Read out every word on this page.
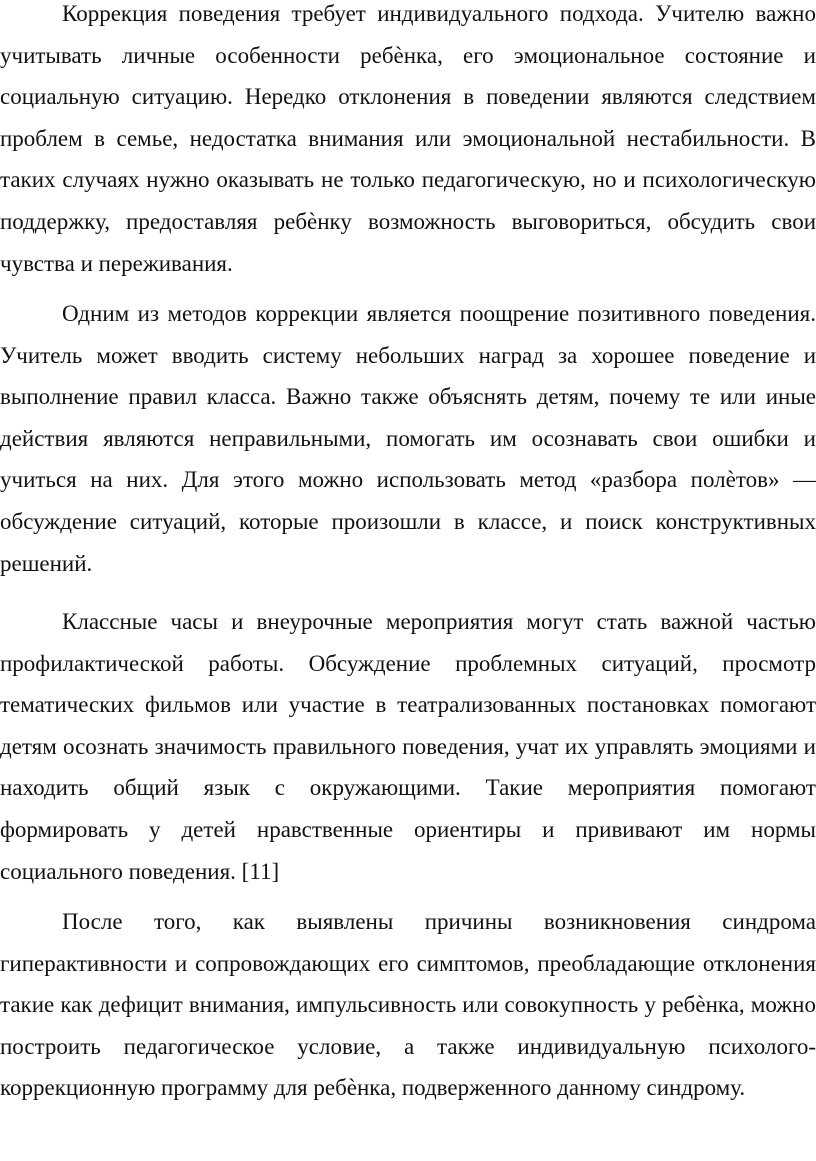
Коррекция поведения требует индивидуального подхода. Учителю важно учитывать личные особенности ребѐнка, его эмоциональное состояние и социальную ситуацию. Нередко отклонения в поведении являются следствием проблем в семье, недостатка внимания или эмоциональной нестабильности. В таких случаях нужно оказывать не только педагогическую, но и психологическую поддержку, предоставляя ребѐнку возможность выговориться, обсудить свои чувства и переживания.

Одним из методов коррекции является поощрение позитивного поведения. Учитель может вводить систему небольших наград за хорошее поведение и выполнение правил класса. Важно также объяснять детям, почему те или иные действия являются неправильными, помогать им осознавать свои ошибки и учиться на них. Для этого можно использовать метод «разбора полѐтов» — обсуждение ситуаций, которые произошли в классе, и поиск конструктивных решений.

Классные часы и внеурочные мероприятия могут стать важной частью профилактической работы. Обсуждение проблемных ситуаций, просмотр тематических фильмов или участие в театрализованных постановках помогают детям осознать значимость правильного поведения, учат их управлять эмоциями и находить общий язык с окружающими. Такие мероприятия помогают формировать у детей нравственные ориентиры и прививают им нормы социального поведения. [11]

После того, как выявлены причины возникновения синдрома гиперактивности и сопровождающих его симптомов, преобладающие отклонения такие как дефицит внимания, импульсивность или совокупность у ребѐнка, можно построить педагогическое условие, а также индивидуальную психолого-коррекционную программу для ребѐнка, подверженного данному синдрому.
